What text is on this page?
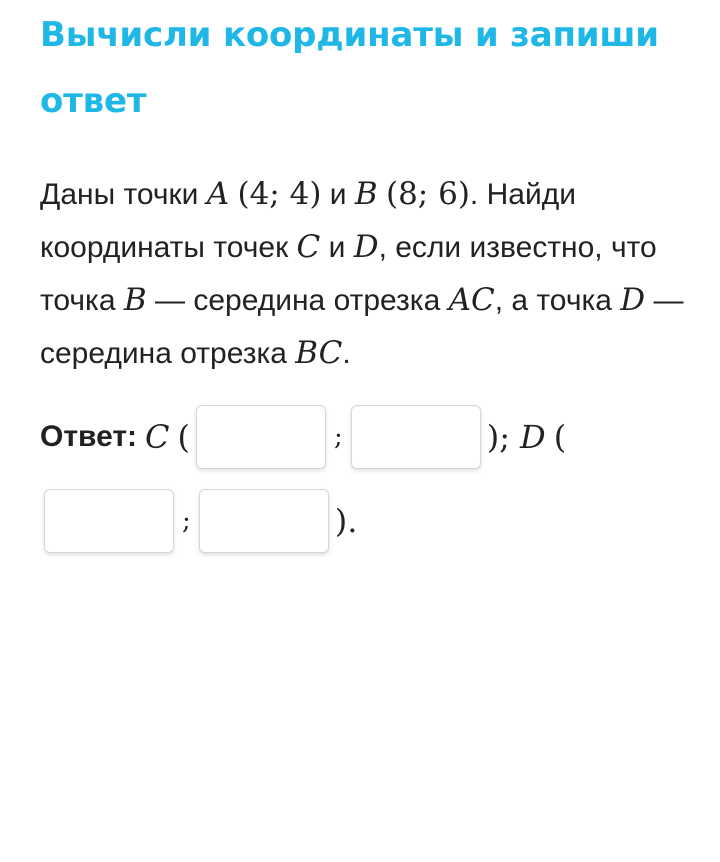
Вычисли координаты и запиши ответ
Даны точки A (4; 4) и B (8; 6). Найди координаты точек C и D, если известно, что точка B — середина отрезка AC, а точка D — середина отрезка BC.
Ответ: C (	;	); D (
;	).
